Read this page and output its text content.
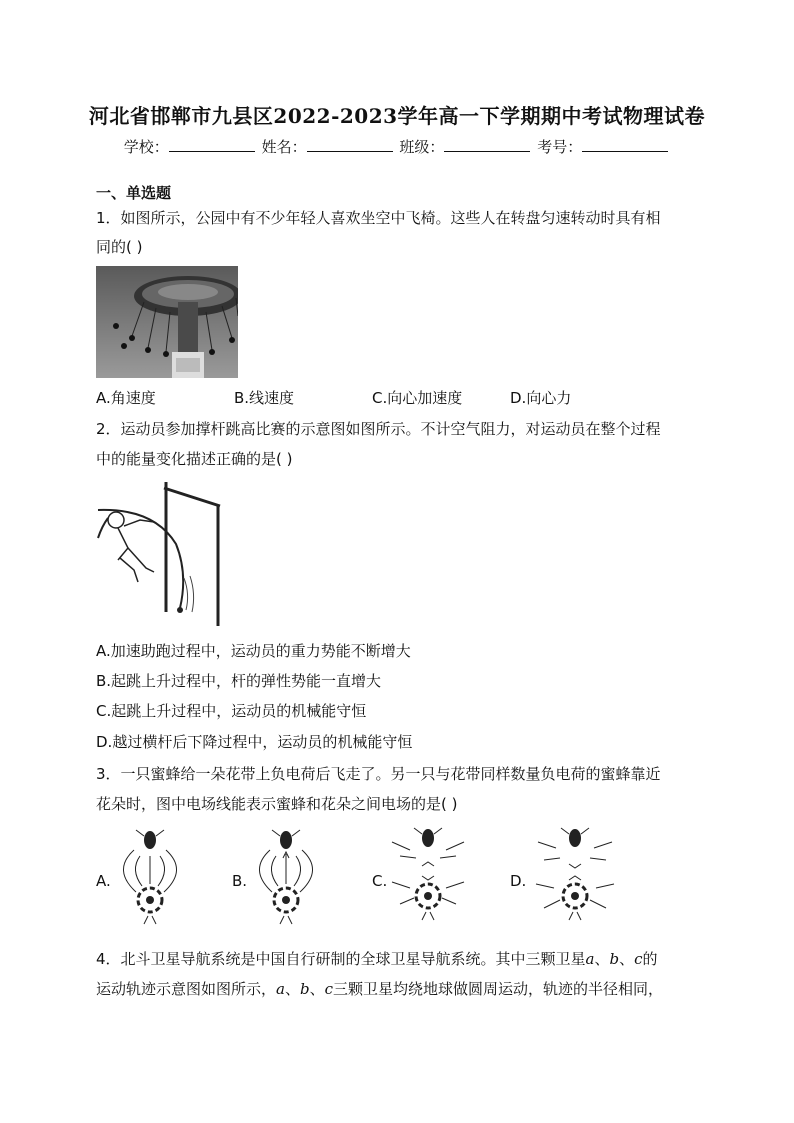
河北省邯郸市九县区2022-2023学年高一下学期期中考试物理试卷
学校：	姓名：	班级：	考号：
一、单选题
1．如图所示，公园中有不少年轻人喜欢坐空中飞椅。这些人在转盘匀速转动时具有相
同的( )
A.角速度	B.线速度	C.向心加速度	D.向心力
2．运动员参加撑杆跳高比赛的示意图如图所示。不计空气阻力，对运动员在整个过程
中的能量变化描述正确的是( )
A.加速助跑过程中，运动员的重力势能不断增大
B.起跳上升过程中，杆的弹性势能一直增大
C.起跳上升过程中，运动员的机械能守恒
D.越过横杆后下降过程中，运动员的机械能守恒
3．一只蜜蜂给一朵花带上负电荷后飞走了。另一只与花带同样数量负电荷的蜜蜂靠近
花朵时，图中电场线能表示蜜蜂和花朵之间电场的是( )
A.	B.	C.	D.
4．北斗卫星导航系统是中国自行研制的全球卫星导航系统。其中三颗卫星a、b、c的
运动轨迹示意图如图所示，a、b、c三颗卫星均绕地球做圆周运动，轨迹的半径相同，
